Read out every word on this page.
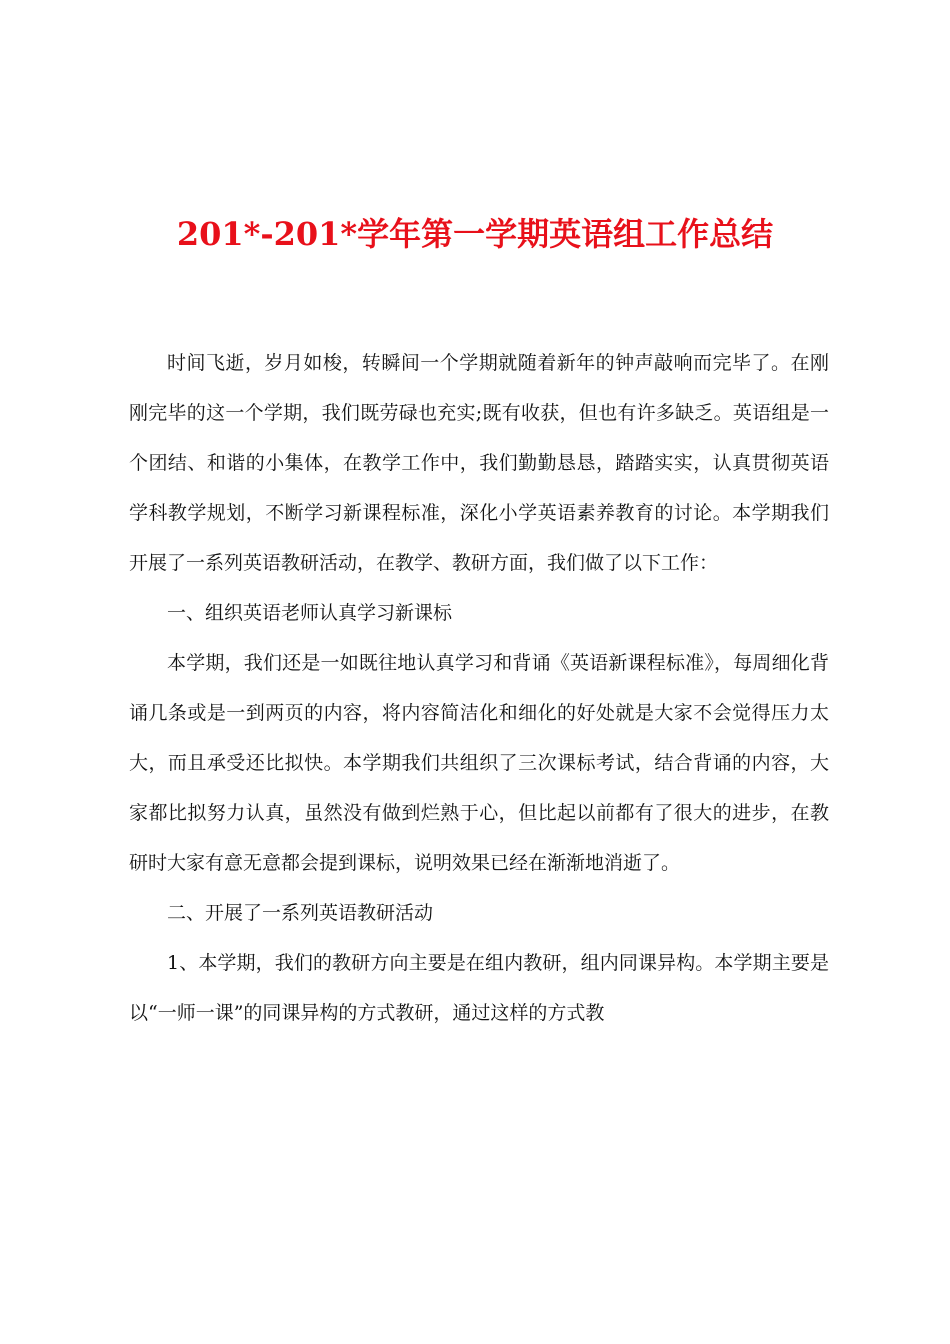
201*-201*学年第一学期英语组工作总结

时间飞逝，岁月如梭，转瞬间一个学期就随着新年的钟声敲响而完毕了。在刚刚完毕的这一个学期，我们既劳碌也充实;既有收获，但也有许多缺乏。英语组是一个团结、和谐的小集体，在教学工作中，我们勤勤恳恳，踏踏实实，认真贯彻英语学科教学规划，不断学习新课程标准，深化小学英语素养教育的讨论。本学期我们开展了一系列英语教研活动，在教学、教研方面，我们做了以下工作：

一、组织英语老师认真学习新课标

本学期，我们还是一如既往地认真学习和背诵《英语新课程标准》，每周细化背诵几条或是一到两页的内容，将内容简洁化和细化的好处就是大家不会觉得压力太大，而且承受还比拟快。本学期我们共组织了三次课标考试，结合背诵的内容，大家都比拟努力认真，虽然没有做到烂熟于心，但比起以前都有了很大的进步，在教研时大家有意无意都会提到课标，说明效果已经在渐渐地消逝了。

二、开展了一系列英语教研活动

1、本学期，我们的教研方向主要是在组内教研，组内同课异构。本学期主要是以“一师一课”的同课异构的方式教研，通过这样的方式教
